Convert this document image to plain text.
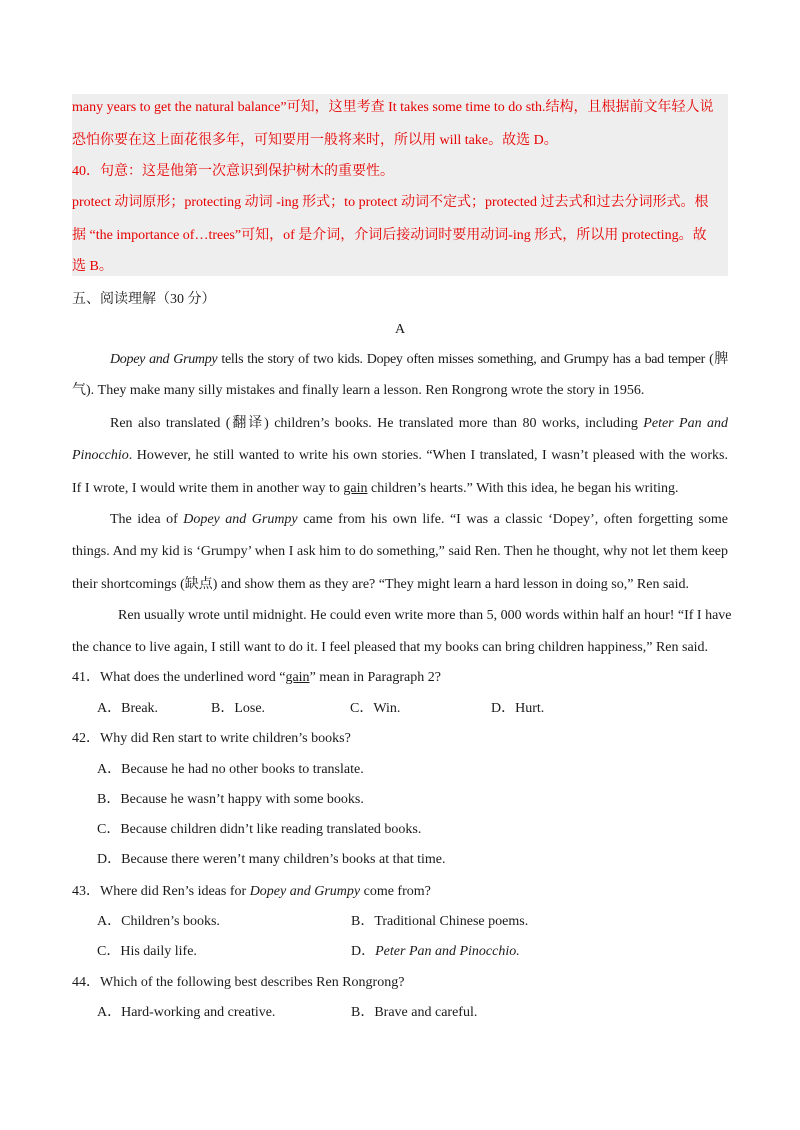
many years to get the natural balance”可知，这里考查 It takes some time to do sth.结构，且根据前文年轻人说
恐怕你要在这上面花很多年，可知要用一般将来时，所以用 will take。故选 D。
40．句意：这是他第一次意识到保护树木的重要性。
protect 动词原形；protecting 动词 -ing 形式；to protect 动词不定式；protected 过去式和过去分词形式。根
据 “the importance of…trees”可知，of 是介词，介词后接动词时要用动词-ing 形式，所以用 protecting。故
选 B。
五、阅读理解（30 分）
A
Dopey and Grumpy tells the story of two kids. Dopey often misses something, and Grumpy has a bad temper (脾
气). They make many silly mistakes and finally learn a lesson. Ren Rongrong wrote the story in 1956.
Ren also translated (翻译) children’s books. He translated more than 80 works, including Peter Pan and
Pinocchio. However, he still wanted to write his own stories. “When I translated, I wasn’t pleased with the works.
If I wrote, I would write them in another way to gain children’s hearts.” With this idea, he began his writing.
The idea of Dopey and Grumpy came from his own life. “I was a classic ‘Dopey’, often forgetting some
things. And my kid is ‘Grumpy’ when I ask him to do something,” said Ren. Then he thought, why not let them keep
their shortcomings (缺点) and show them as they are? “They might learn a hard lesson in doing so,” Ren said.
Ren usually wrote until midnight. He could even write more than 5, 000 words within half an hour! “If I have
the chance to live again, I still want to do it. I feel pleased that my books can bring children happiness,” Ren said.
41．What does the underlined word “gain” mean in Paragraph 2?
A．Break.	B．Lose.	C．Win.	D．Hurt.
42．Why did Ren start to write children’s books?
A．Because he had no other books to translate.
B．Because he wasn’t happy with some books.
C．Because children didn’t like reading translated books.
D．Because there weren’t many children’s books at that time.
43．Where did Ren’s ideas for Dopey and Grumpy come from?
A．Children’s books.	B．Traditional Chinese poems.
C．His daily life.	D．Peter Pan and Pinocchio.
44．Which of the following best describes Ren Rongrong?
A．Hard-working and creative.	B．Brave and careful.
